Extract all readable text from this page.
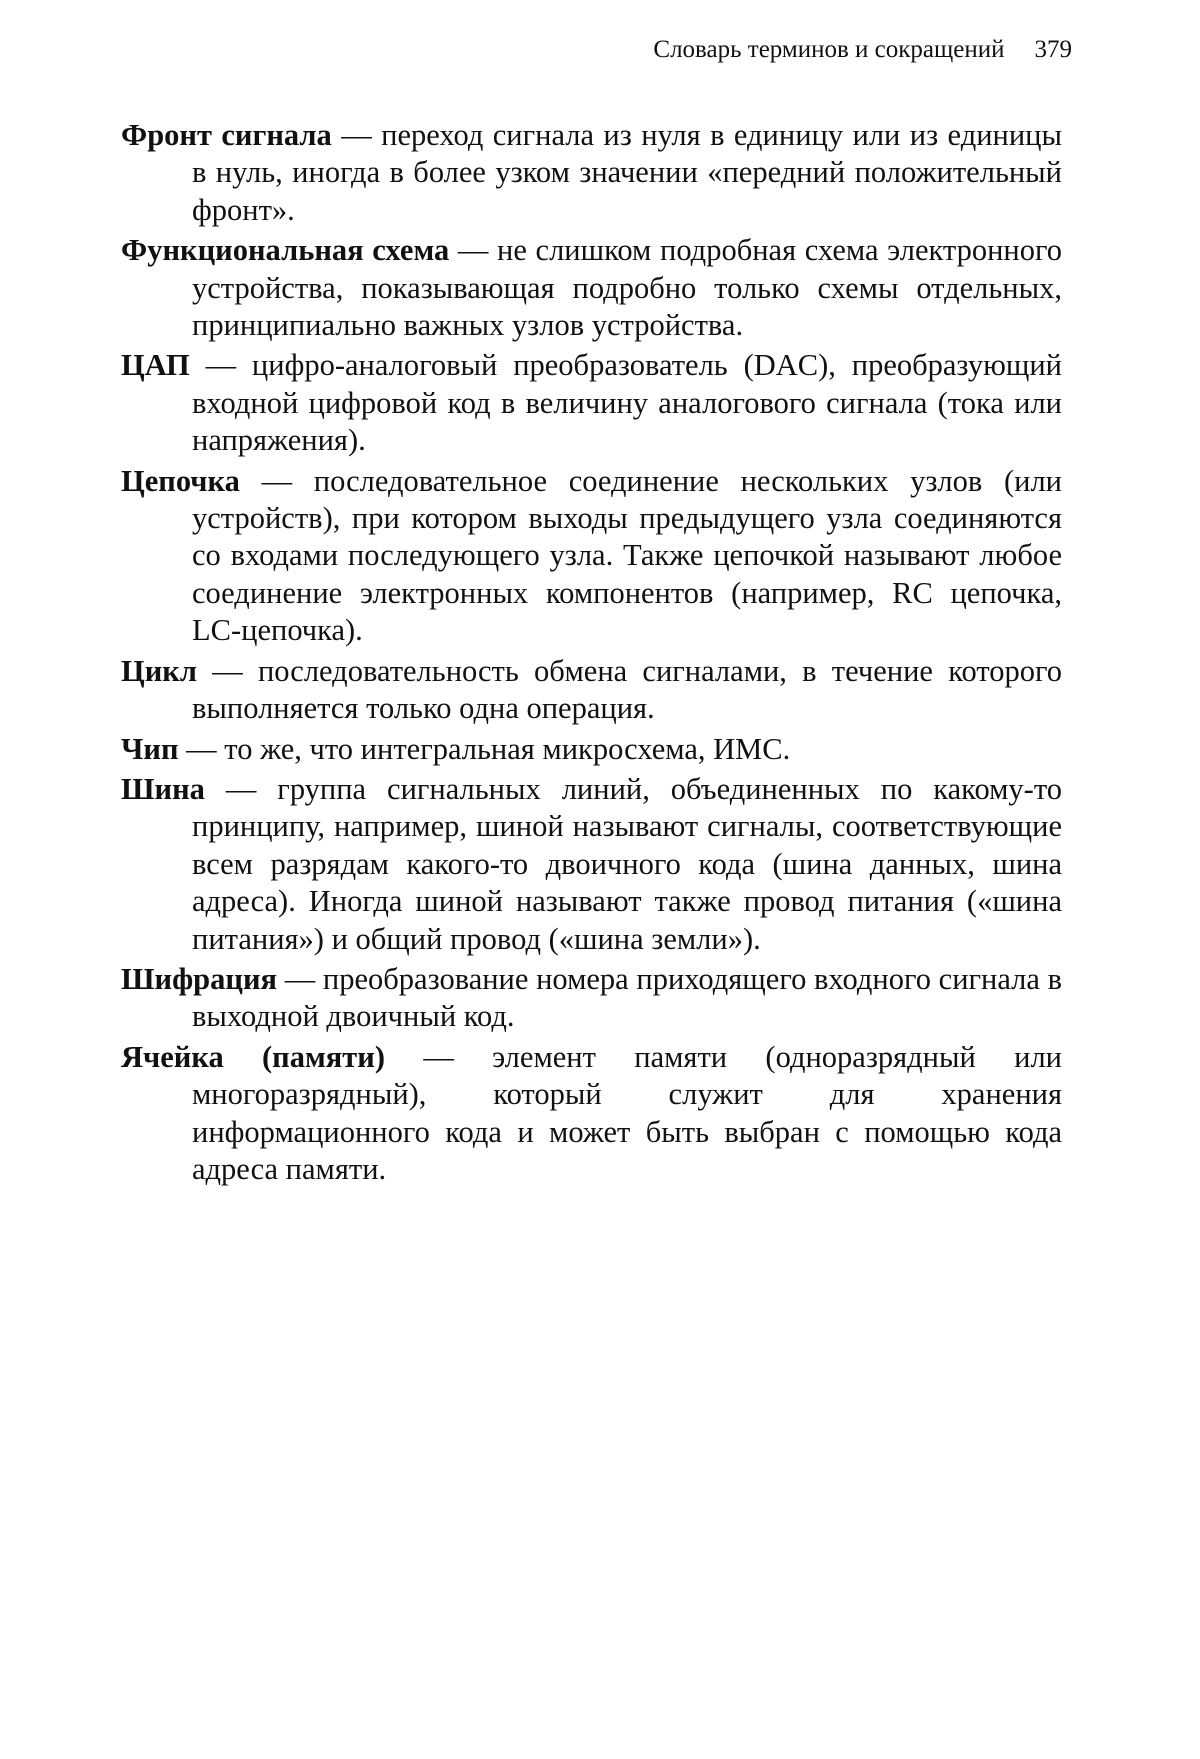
Словарь терминов и сокращений 379

Фронт сигнала — переход сигнала из нуля в единицу или из единицы в нуль, иногда в более узком значении «передний положительный фронт».

Функциональная схема — не слишком подробная схема электронного устройства, показывающая подробно только схемы отдельных, принципиально важных узлов устройства.

ЦАП — цифро-аналоговый преобразователь (DAC), преобразующий входной цифровой код в величину аналогового сигнала (тока или напряжения).

Цепочка — последовательное соединение нескольких узлов (или устройств), при котором выходы предыдущего узла соединяются со входами последующего узла. Также цепочкой называют любое соединение электронных компонентов (например, RC цепочка, LC-цепочка).

Цикл — последовательность обмена сигналами, в течение которого выполняется только одна операция.

Чип — то же, что интегральная микросхема, ИМС.

Шина — группа сигнальных линий, объединенных по какому-то принципу, например, шиной называют сигналы, соответствующие всем разрядам какого-то двоичного кода (шина данных, шина адреса). Иногда шиной называют также провод питания («шина питания») и общий провод («шина земли»).

Шифрация — преобразование номера приходящего входного сигнала в выходной двоичный код.

Ячейка (памяти) — элемент памяти (одноразрядный или многоразрядный), который служит для хранения информационного кода и может быть выбран с помощью кода адреса памяти.
